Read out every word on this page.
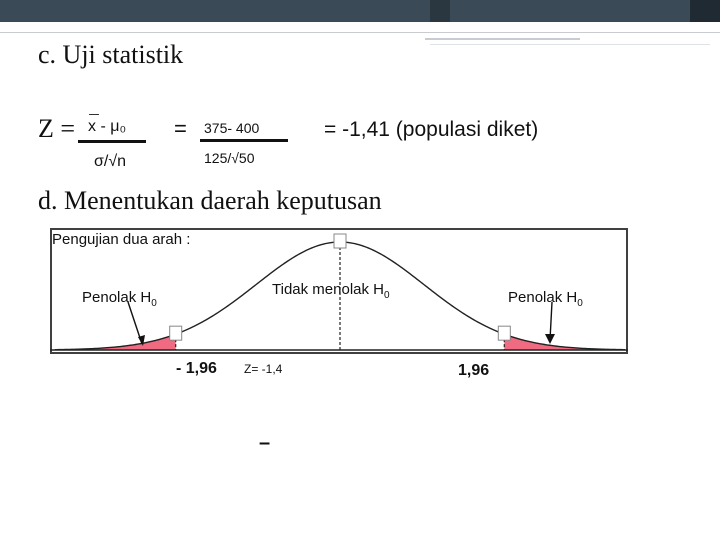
c. Uji statistik
Z = x - μ₀
σ/√n
= 375- 400
125/√50
= -1,41 (populasi diket)
d. Menentukan daerah keputusan
Pengujian dua arah :
Penolak $H_0$
Tidak menolak $H_0$	Penolak $H_0$
- 1,96 Z= -1,4	1,96
–
